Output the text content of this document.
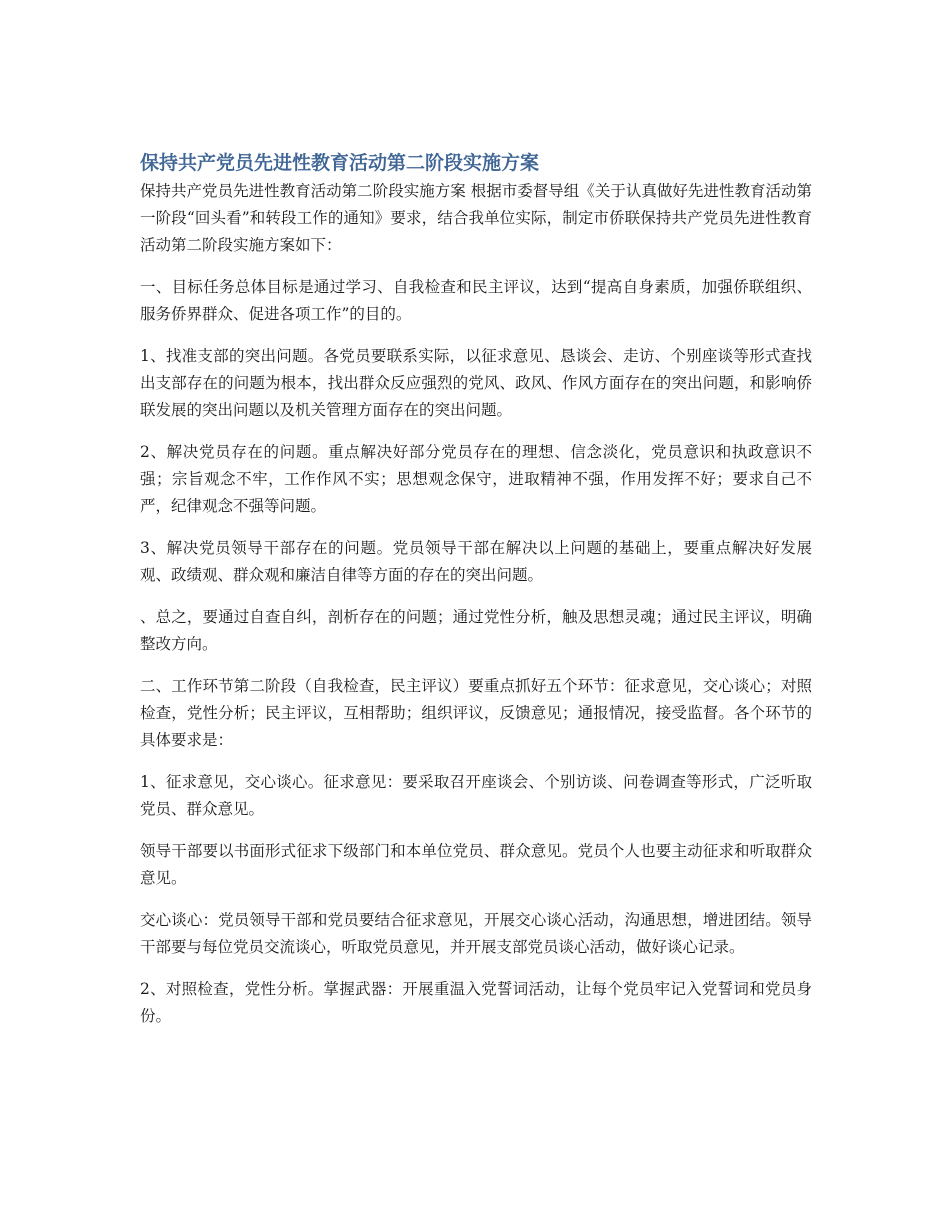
保持共产党员先进性教育活动第二阶段实施方案

保持共产党员先进性教育活动第二阶段实施方案 根据市委督导组《关于认真做好先进性教育活动第一阶段“回头看”和转段工作的通知》要求，结合我单位实际，制定市侨联保持共产党员先进性教育活动第二阶段实施方案如下：

一、目标任务总体目标是通过学习、自我检查和民主评议，达到“提高自身素质，加强侨联组织、服务侨界群众、促进各项工作”的目的。

1、找准支部的突出问题。各党员要联系实际，以征求意见、恳谈会、走访、个别座谈等形式查找出支部存在的问题为根本，找出群众反应强烈的党风、政风、作风方面存在的突出问题，和影响侨联发展的突出问题以及机关管理方面存在的突出问题。

2、解决党员存在的问题。重点解决好部分党员存在的理想、信念淡化，党员意识和执政意识不强；宗旨观念不牢，工作作风不实；思想观念保守，进取精神不强，作用发挥不好；要求自己不严，纪律观念不强等问题。

3、解决党员领导干部存在的问题。党员领导干部在解决以上问题的基础上，要重点解决好发展观、政绩观、群众观和廉洁自律等方面的存在的突出问题。

、总之，要通过自查自纠，剖析存在的问题；通过党性分析，触及思想灵魂；通过民主评议，明确整改方向。

二、工作环节第二阶段（自我检查，民主评议）要重点抓好五个环节：征求意见，交心谈心；对照检查，党性分析；民主评议，互相帮助；组织评议，反馈意见；通报情况，接受监督。各个环节的具体要求是：

1、征求意见，交心谈心。征求意见：要采取召开座谈会、个别访谈、问卷调查等形式，广泛听取党员、群众意见。

领导干部要以书面形式征求下级部门和本单位党员、群众意见。党员个人也要主动征求和听取群众意见。

交心谈心：党员领导干部和党员要结合征求意见，开展交心谈心活动，沟通思想，增进团结。领导干部要与每位党员交流谈心，听取党员意见，并开展支部党员谈心活动，做好谈心记录。

2、对照检查，党性分析。掌握武器：开展重温入党誓词活动，让每个党员牢记入党誓词和党员身份。
